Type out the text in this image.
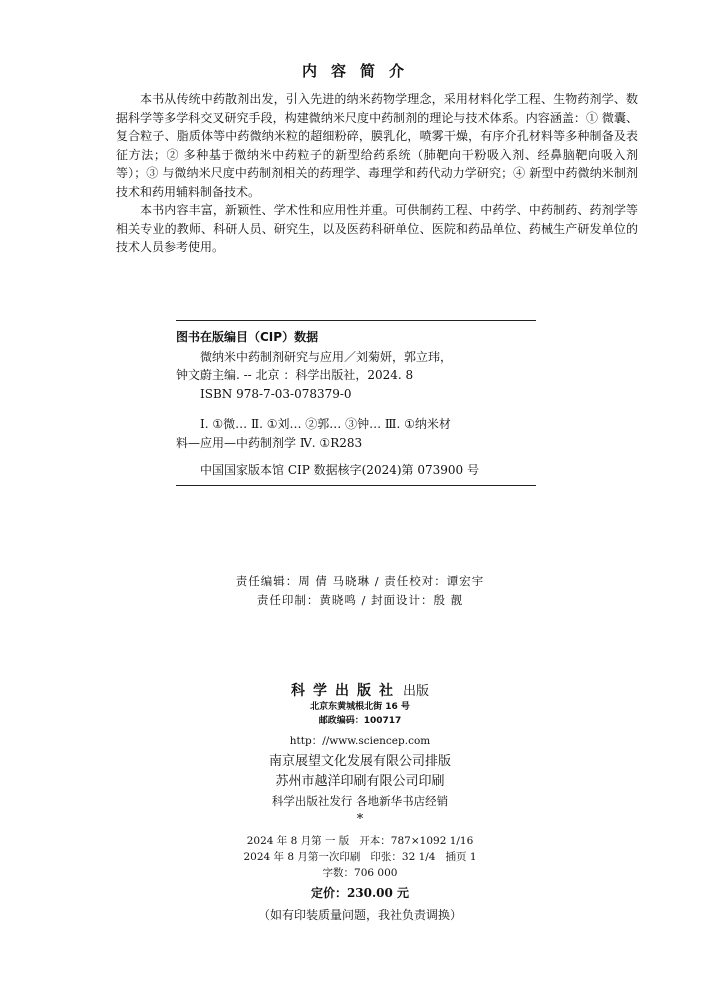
内容简介

本书从传统中药散剂出发，引入先进的纳米药物学理念，采用材料化学工程、生物药剂学、数据科学等多学科交叉研究手段，构建微纳米尺度中药制剂的理论与技术体系。内容涵盖：① 微囊、复合粒子、脂质体等中药微纳米粒的超细粉碎，膜乳化，喷雾干燥，有序介孔材料等多种制备及表征方法；② 多种基于微纳米中药粒子的新型给药系统（肺靶向干粉吸入剂、经鼻脑靶向吸入剂等）；③ 与微纳米尺度中药制剂相关的药理学、毒理学和药代动力学研究；④ 新型中药微纳米制剂技术和药用辅料制备技术。

本书内容丰富，新颖性、学术性和应用性并重。可供制药工程、中药学、中药制药、药剂学等相关专业的教师、科研人员、研究生，以及医药科研单位、医院和药品单位、药械生产研发单位的技术人员参考使用。

图书在版编目（CIP）数据
微纳米中药制剂研究与应用／刘菊妍，郭立玮，
钟文蔚主编. -- 北京 ：科学出版社，2024. 8
ISBN 978-7-03-078379-0
Ⅰ. ①微… Ⅱ. ①刘… ②郭… ③钟… Ⅲ. ①纳米材
料—应用—中药制剂学 Ⅳ. ①R283
中国国家版本馆 CIP 数据核字(2024)第 073900 号
责任编辑：周 倩 马晓琳 / 责任校对：谭宏宇
责任印制：黄晓鸣 / 封面设计：殷 靓
科学出版社 出版
北京东黄城根北街 16 号
邮政编码：100717
http：//www.sciencep.com
南京展望文化发展有限公司排版
苏州市越洋印刷有限公司印刷
科学出版社发行 各地新华书店经销
*
2024 年 8 月第 一 版 开本：787×1092 1/16
2024 年 8 月第一次印刷 印张：32 1/4 插页 1
字数：706 000
定价：230.00 元
（如有印装质量问题，我社负责调换）
